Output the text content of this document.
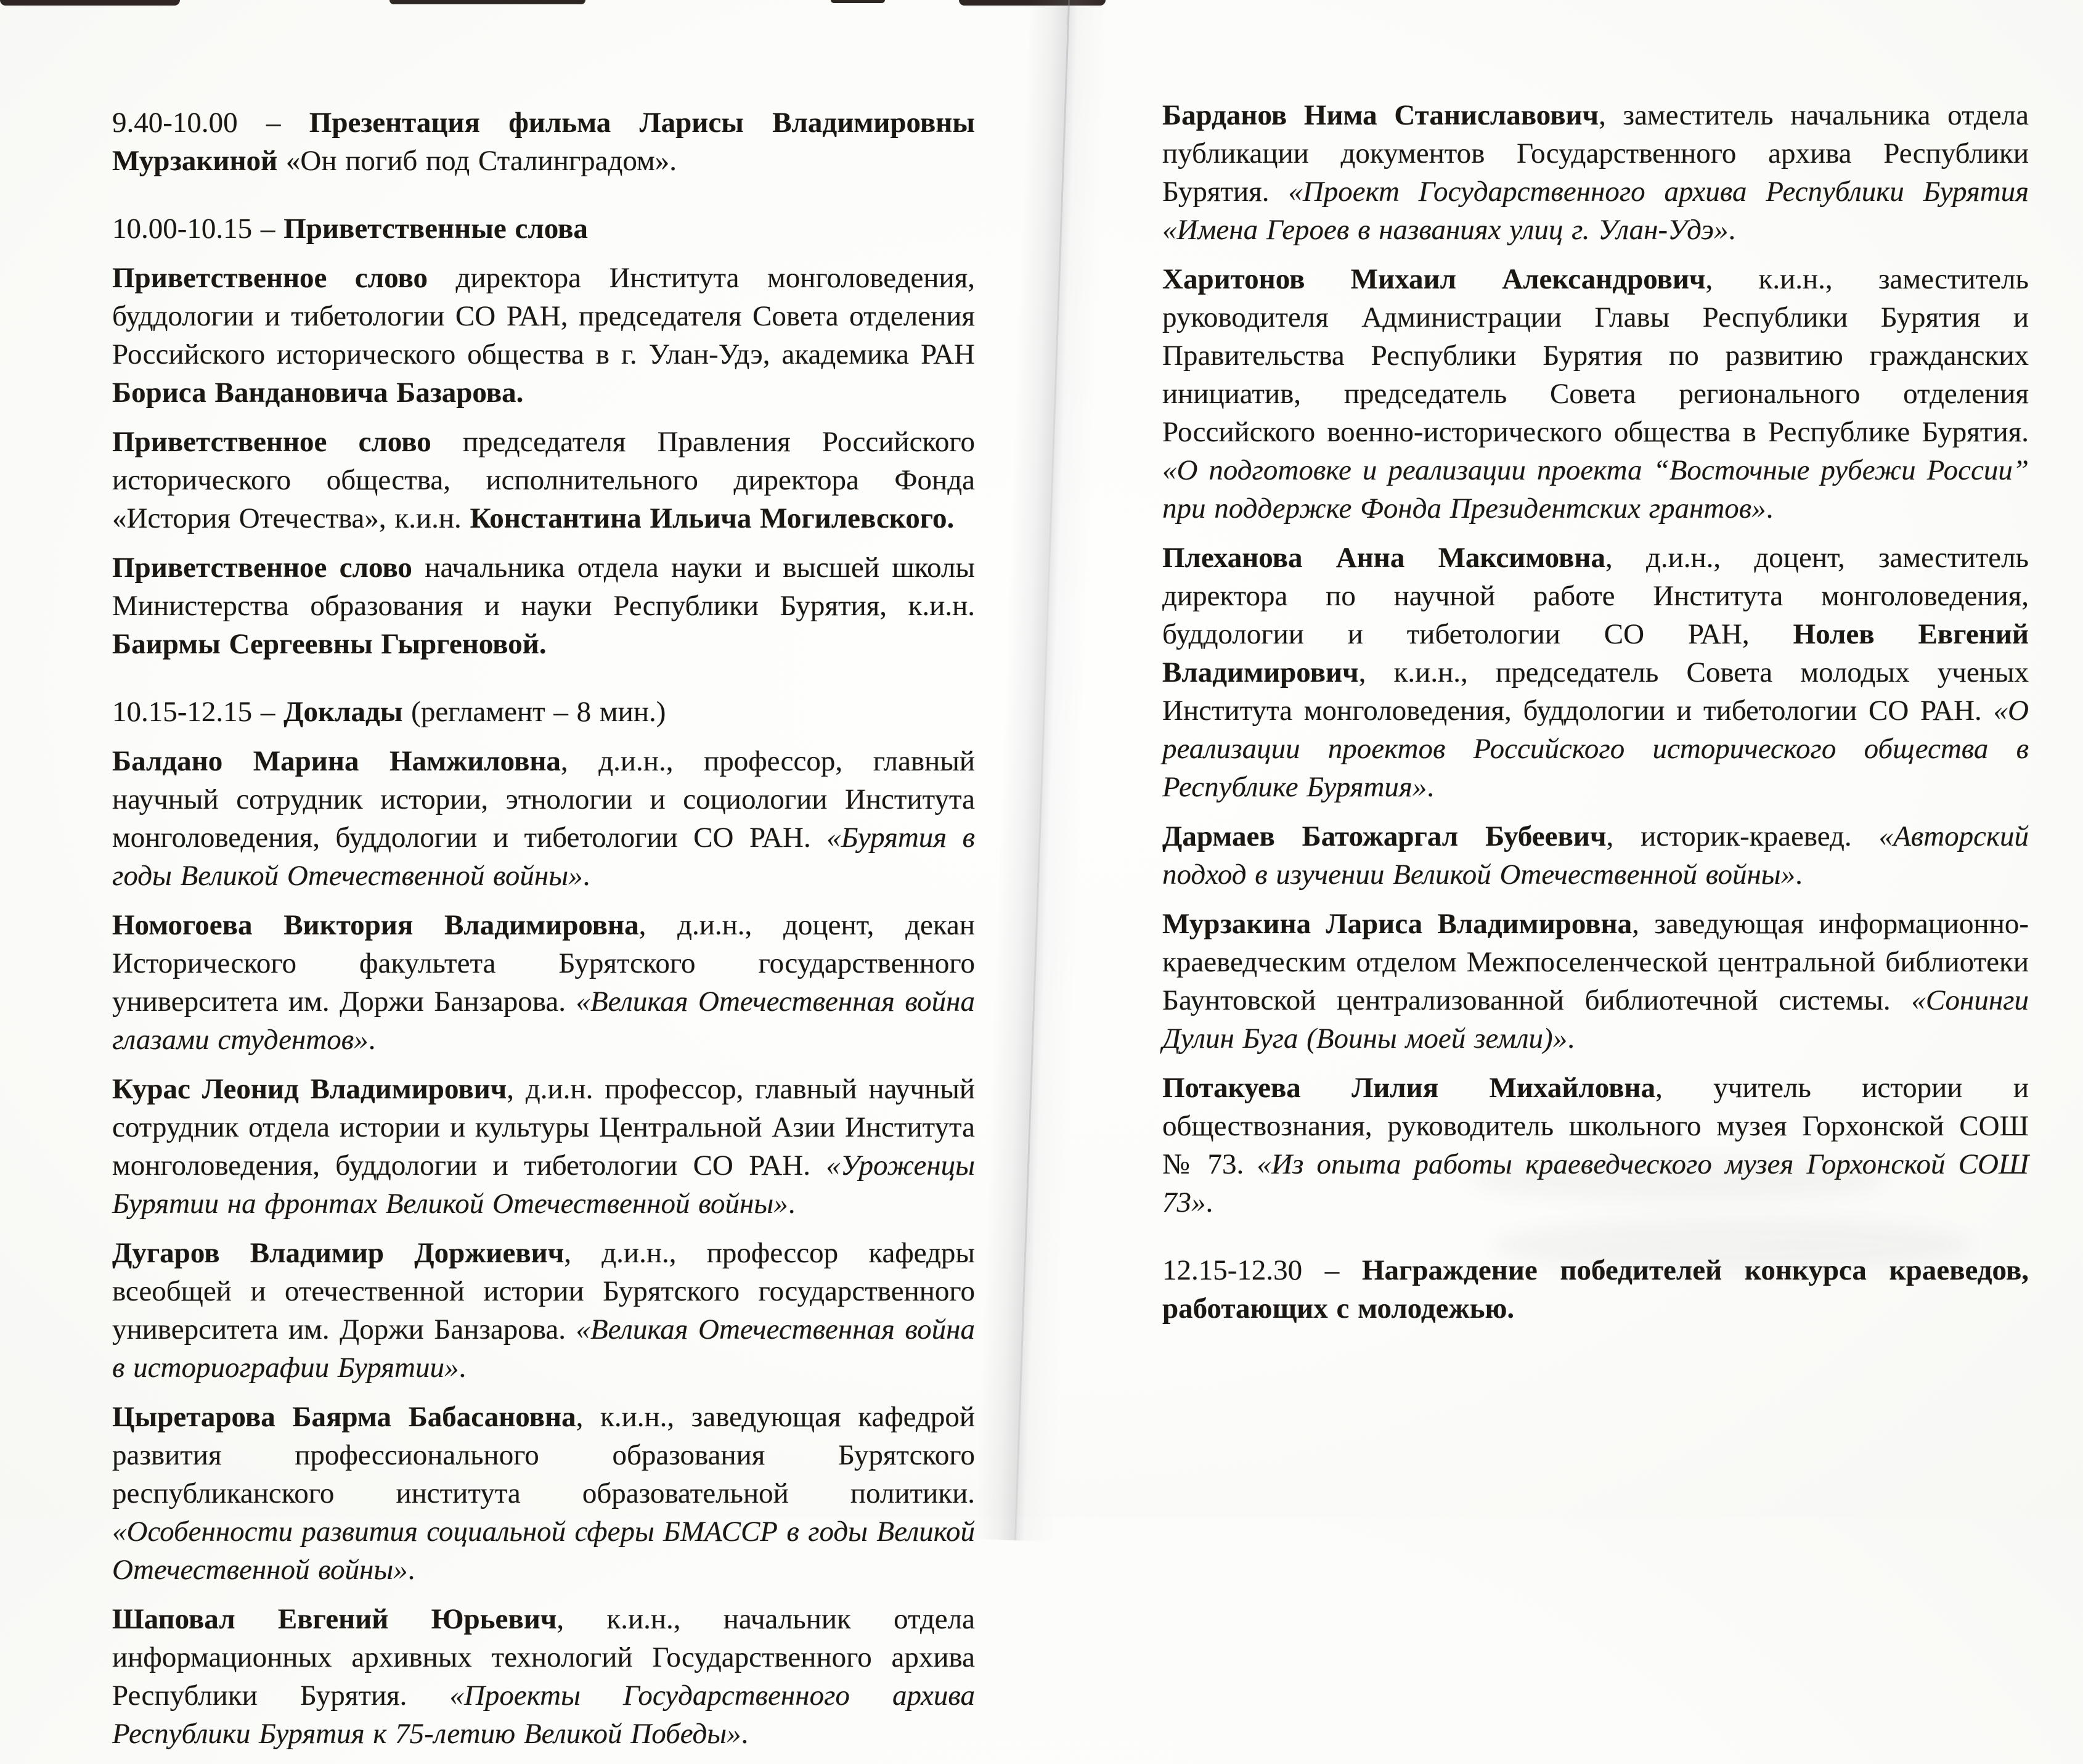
9.40-10.00 – Презентация фильма Ларисы Владимировны Мурзакиной «Он погиб под Сталинградом».

10.00-10.15 – Приветственные слова

Приветственное слово директора Института монголоведения, буддологии и тибетологии СО РАН, председателя Совета отделения Российского исторического общества в г. Улан-Удэ, академика РАН Бориса Вандановича Базарова.

Приветственное слово председателя Правления Российского исторического общества, исполнительного директора Фонда «История Отечества», к.и.н. Константина Ильича Могилевского.

Приветственное слово начальника отдела науки и высшей школы Министерства образования и науки Республики Бурятия, к.и.н. Баирмы Сергеевны Гыргеновой.

10.15-12.15 – Доклады (регламент – 8 мин.)

Балдано Марина Намжиловна, д.и.н., профессор, главный научный сотрудник истории, этнологии и социологии Института монголоведения, буддологии и тибетологии СО РАН. «Бурятия в годы Великой Отечественной войны».

Номогоева Виктория Владимировна, д.и.н., доцент, декан Исторического факультета Бурятского государственного университета им. Доржи Банзарова. «Великая Отечественная война глазами студентов».

Курас Леонид Владимирович, д.и.н. профессор, главный научный сотрудник отдела истории и культуры Центральной Азии Института монголоведения, буддологии и тибетологии СО РАН. «Уроженцы Бурятии на фронтах Великой Отечественной войны».

Дугаров Владимир Доржиевич, д.и.н., профессор кафедры всеобщей и отечественной истории Бурятского государственного университета им. Доржи Банзарова. «Великая Отечественная война в историографии Бурятии».

Цыретарова Баярма Бабасановна, к.и.н., заведующая кафедрой развития профессионального образования Бурятского республиканского института образовательной политики. «Особенности развития социальной сферы БМАССР в годы Великой Отечественной войны».

Шаповал Евгений Юрьевич, к.и.н., начальник отдела информационных архивных технологий Государственного архива Республики Бурятия. «Проекты Государственного архива Республики Бурятия к 75-летию Великой Победы».

Барданов Нима Станиславович, заместитель начальника отдела публикации документов Государственного архива Республики Бурятия. «Проект Государственного архива Республики Бурятия «Имена Героев в названиях улиц г. Улан-Удэ».

Харитонов Михаил Александрович, к.и.н., заместитель руководителя Администрации Главы Республики Бурятия и Правительства Республики Бурятия по развитию гражданских инициатив, председатель Совета регионального отделения Российского военно-исторического общества в Республике Бурятия. «О подготовке и реализации проекта “Восточные рубежи России” при поддержке Фонда Президентских грантов».

Плеханова Анна Максимовна, д.и.н., доцент, заместитель директора по научной работе Института монголоведения, буддологии и тибетологии СО РАН, Нолев Евгений Владимирович, к.и.н., председатель Совета молодых ученых Института монголоведения, буддологии и тибетологии СО РАН. «О реализации проектов Российского исторического общества в Республике Бурятия».

Дармаев Батожаргал Бубеевич, историк-краевед. «Авторский подход в изучении Великой Отечественной войны».

Мурзакина Лариса Владимировна, заведующая информационно-краеведческим отделом Межпоселенческой центральной библиотеки Баунтовской централизованной библиотечной системы. «Сонинги Дулин Буга (Воины моей земли)».

Потакуева Лилия Михайловна, учитель истории и обществознания, руководитель школьного музея Горхонской СОШ № 73. «Из опыта работы краеведческого музея Горхонской СОШ 73».

12.15-12.30 – Награждение победителей конкурса краеведов, работающих с молодежью.
